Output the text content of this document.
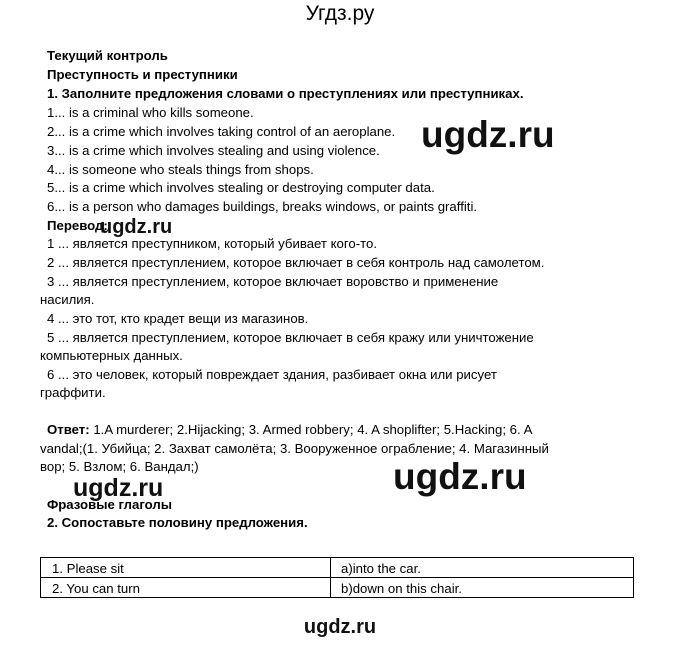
Угдз.ру
Текущий контроль
Преступность и преступники
1. Заполните предложения словами о преступлениях или преступниках.
1... is a criminal who kills someone.
2... is a crime which involves taking control of an aeroplane.
3... is a crime which involves stealing and using violence.
4... is someone who steals things from shops.
5... is a crime which involves stealing or destroying computer data.
6... is a person who damages buildings, breaks windows, or paints graffiti.
Перевод:
1 ... является преступником, который убивает кого-то.
2 ... является преступлением, которое включает в себя контроль над самолетом.
3 ... является преступлением, которое включает воровство и применение
насилия.
4 ... это тот, кто крадет вещи из магазинов.
5 ... является преступлением, которое включает в себя кражу или уничтожение
компьютерных данных.
6 ... это человек, который повреждает здания, разбивает окна или рисует
граффити.
Ответ: 1.A murderer; 2.Hijacking; 3. Armed robbery; 4. A shoplifter; 5.Hacking; 6. A
vandal;(1. Убийца; 2. Захват самолёта; 3. Вооруженное ограбление; 4. Магазинный
вор; 5. Взлом; 6. Вандал;)
Фразовые глаголы
2. Сопоставьте половину предложения.
1. Please sit	a)into the car.
2. You can turn	b)down on this chair.
ugdz.ru
ugdz.ru
ugdz.ru
ugdz.ru
ugdz.ru
